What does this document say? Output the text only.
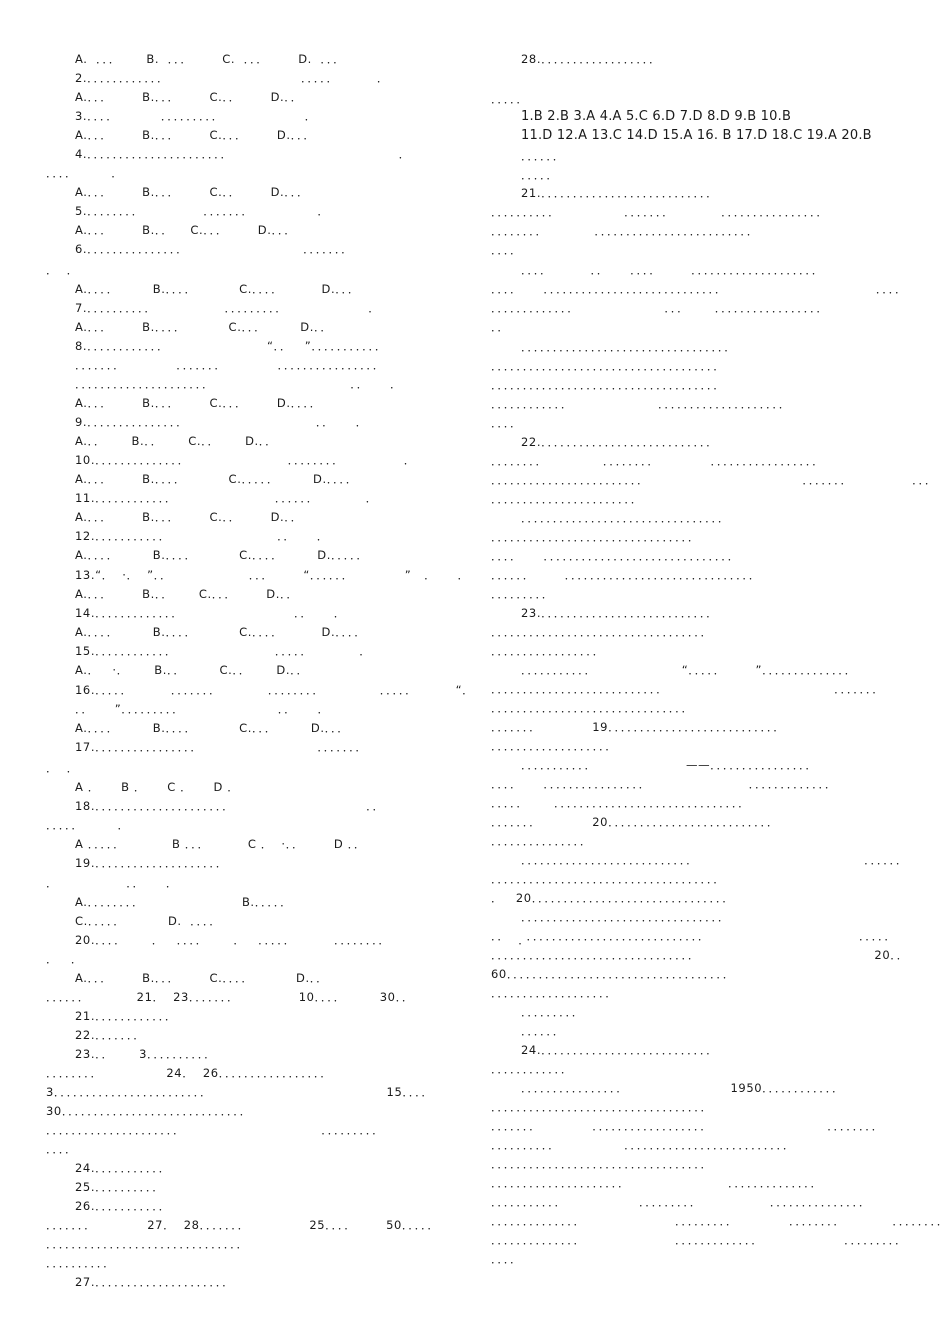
A.  ．．．      B.  ．．．       C.  ．．．       D.  ．．．
2.．．．．．．．．．．．．                               ．．．．．         ．
A.．．．       B.．．．       C.．．       D.．．
3.．．．．          ．．．．．．．．．                   ．
A.．．．       B.．．．       C.．．．       D.．．．
4.．．．．．．．．．．．．．．．．．．．．．．                                       ．
．．．．        ．
A.．．．       B.．．．       C.．．       D.．．．
5.．．．．．．．．              ．．．．．．．               ．
A.．．．       B.．．    C.．．．       D.．．．
6.．．．．．．．．．．．．．．．                           ．．．．．．．
．  ．
A.．．．．        B.．．．．          C.．．．．         D.．．．
7.．．．．．．．．．．                ．．．．．．．．．                   ．
A.．．．       B.．．．．          C.．．．        D.．．
8.．．．．．．．．．．．．                       “．．   ”．．．．．．．．．．．
．．．．．．．            ．．．．．．．            ．．．．．．．．．．．．．．．．
．．．．．．．．．．．．．．．．．．．．．                                ．．     ．
A.．．．       B.．．．       C.．．．       D.．．．．
9.．．．．．．．．．．．．．．．                              ．．     ．
A.．．      B.．．      C.．．      D.．．
10.．．．．．．．．．．．．．．                       ．．．．．．．．              ．
A.．．．       B.．．．．          C.．．．．．        D.．．．．
11.．．．．．．．．．．．．                       ．．．．．．           ．
A.．．．       B.．．．       C.．．       D.．．
12.．．．．．．．．．．．                         ．．     ．
A.．．．．        B.．．．．          C.．．．．        D.．．．．．
13.“．  ·．  ”．．                  ．．．       “．．．．．．            ”   ．     ．
A.．．．       B.．．      C.．．．       D.．．
14.．．．．．．．．．．．．．                          ．．     ．
A.．．．．        B.．．．．          C.．．．．         D.．．．．
15.．．．．．．．．．．．．                       ．．．．．           ．
A.．   ·．      B.．．        C.．．      D.．．
16.．．．．．         ．．．．．．．           ．．．．．．．．             ．．．．．         “．
．．     ”．．．．．．．．．                      ．．     ．
A.．．．．        B.．．．．          C.．．．        D.．．．
17.．．．．．．．．．．．．．．．．                           ．．．．．．．
．  ．
A ．     B ．     C ．     D ．
18.．．．．．．．．．．．．．．．．．．．．．                               ．．
．．．．．        ．
A ．．．．．           B ．．．         C ．  ·．．       D ．．
19.．．．．．．．．．．．．．．．．．．．．
．                ．．     ．
A.．．．．．．．．                       B.．．．．．
C.．．．．．          D.  ．．．．
20.．．．．      ．   ．．．．      ．   ．．．．．         ．．．．．．．．                              ．
．   ．
A.．．．       B.．．．       C.．．．．          D.．．
．．．．．．           21．  23．．．．．．．              10．．．．        30．．
21.．．．．．．．．．．．．
22.．．．．．．．
23.．．      3．．．．．．．．．．
．．．．．．．．               24．  26．．．．．．．．．．．．．．．．．
3．．．．．．．．．．．．．．．．．．．．．．．．                                         15．．．．
30．．．．．．．．．．．．．．．．．．．．．．．．．．．．．
．．．．．．．．．．．．．．．．．．．．．                                ．．．．．．．．．
．．．．
24.．．．．．．．．．．．
25.．．．．．．．．．．
26.．．．．．．．．．．．
．．．．．．．            27．  28．．．．．．．              25．．．．       50．．．．．
．．．．．．．．．．．．．．．．．．．．．．．．．．．．．．．
．．．．．．．．．．
27.．．．．．．．．．．．．．．．．．．．．．
28.．．．．．．．．．．．．．．．．．．
．．．．．
1.B 2.B 3.A 4.A 5.C 6.D 7.D 8.D 9.B 10.B
11.D 12.A 13.C 14.D 15.A 16. B 17.D 18.C 19.A 20.B
．．．．．．
．．．．．
21.．．．．．．．．．．．．．．．．．．．．．．．．．．．
．．．．．．．．．．               ．．．．．．．           ．．．．．．．．．．．．．．．．
．．．．．．．．           ．．．．．．．．．．．．．．．．．．．．．．．．．
．．．．
．．．．         ．．     ．．．．       ．．．．．．．．．．．．．．．．．．．．
．．．．     ．．．．．．．．．．．．．．．．．．．．．．．．．．．．                                   ．．．．
．．．．．．．．．．．．．                    ．．．      ．．．．．．．．．．．．．．．．．
．．
．．．．．．．．．．．．．．．．．．．．．．．．．．．．．．．．．
．．．．．．．．．．．．．．．．．．．．．．．．．．．．．．．．．．．．
．．．．．．．．．．．．．．．．．．．．．．．．．．．．．．．．．．．．
．．．．．．．．．．．．                    ．．．．．．．．．．．．．．．．．．．．
．．．．
22.．．．．．．．．．．．．．．．．．．．．．．．．．．．
．．．．．．．．             ．．．．．．．．            ．．．．．．．．．．．．．．．．．
．．．．．．．．．．．．．．．．．．．．．．．．                                    ．．．．．．．              ．．．
．．．．．．．．．．．．．．．．．．．．．．．
．．．．．．．．．．．．．．．．．．．．．．．．．．．．．．．．
．．．．．．．．．．．．．．．．．．．．．．．．．．．．．．．．
．．．．     ．．．．．．．．．．．．．．．．．．．．．．．．．．．．．．
．．．．．．       ．．．．．．．．．．．．．．．．．．．．．．．．．．．．．．
．．．．．．．．．
23.．．．．．．．．．．．．．．．．．．．．．．．．．．．
．．．．．．．．．．．．．．．．．．．．．．．．．．．．．．．．．．
．．．．．．．．．．．．．．．．．
．．．．．．．．．．．                    “．．．．．       ”．．．．．．．．．．．．．．
．．．．．．．．．．．．．．．．．．．．．．．．．．．                                       ．．．．．．．
．．．．．．．．．．．．．．．．．．．．．．．．．．．．．．．
．．．．．．．            19．．．．．．．．．．．．．．．．．．．．．．．．．．．
．．．．．．．．．．．．．．．．．．．
．．．．．．．．．．．                     ——．．．．．．．．．．．．．．．．
．．．．     ．．．．．．．．．．．．．．．．                       ．．．．．．．．．．．．．
．．．．．      ．．．．．．．．．．．．．．．．．．．．．．．．．．．．．．
．．．．．．．            20．．．．．．．．．．．．．．．．．．．．．．．．．．
．．．．．．．．．．．．．．．
．．．．．．．．．．．．．．．．．．．．．．．．．．．                                       ．．．．．．
．．．．．．．．．．．．．．．．．．．．．．．．．．．．．．．．．．．．
．   20．．．．．．．．．．．．．．．．．．．．．．．．．．．．．．．
．．．．．．．．．．．．．．．．．．．．．．．．．．．．．．．．
．．    ．．．．．．．．．．．．．．．．．．．．．．．．．．．．                                   ．．．．．
．．．．．．．．．．．．．．．．．．．．．．．．．．．．．．．．                                         20．．
60．．．．．．．．．．．．．．．．．．．．．．．．．．．．．．．．．．．
．．．．．．．．．．．．．．．．．．．
．．．．．．．．．
．．．．．．
24.．．．．．．．．．．．．．．．．．．．．．．．．．．．
．．．．．．．．．．．．
．．．．．．．．．．．．．．．．                        1950．．．．．．．．．．．．
．．．．．．．．．．．．．．．．．．．．．．．．．．．．．．．．．．
．．．．．．．            ．．．．．．．．．．．．．．．．．．                           ．．．．．．．．
．．．．．．．．．．               ．．．．．．．．．．．．．．．．．．．．．．．．．．
．．．．．．．．．．．．．．．．．．．．．．．．．．．．．．．．．．
．．．．．．．．．．．．．．．．．．．．．                       ．．．．．．．．．．．．．．
．．．．．．．．．．．                 ．．．．．．．．．                ．．．．．．．．．．．．．．．
．．．．．．．．．．．．．．                     ．．．．．．．．．            ．．．．．．．．           ．．．．．．．．
．．．．．．．．．．．．．．                     ．．．．．．．．．．．．．                   ．．．．．．．．．
．．．．
